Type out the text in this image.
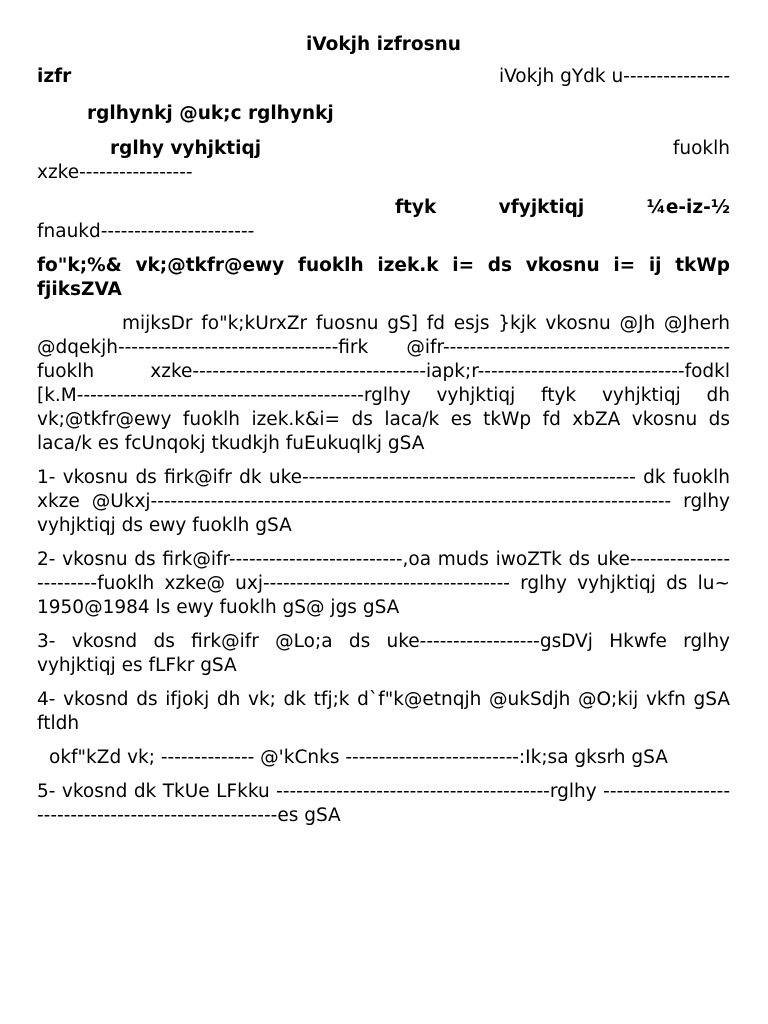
iVokjh izfrosnu
izfr	iVokjh gYdk u----------------
rglhynkj @uk;c rglhynkj
rglhy vyhjktiqj	fuoklh
xzke-----------------
ftyk	vfyjktiqj	¼e-iz-½
fnaukd-----------------------

fo"k;%& vk;@tkfr@ewy fuoklh izek.k i= ds vkosnu i= ij tkWp fjiksZVA

mijksDr fo"k;kUrxZr fuosnu gS] fd esjs }kjk vkosnu @Jh @Jherh @dqekjh---------------------------------firk @ifr-------------------------------------------fuoklh xzke-----------------------------------iapk;r-------------------------------fodkl [k.M-------------------------------------------rglhy vyhjktiqj ftyk vyhjktiqj dh vk;@tkfr@ewy fuoklh izek.k&i= ds laca/k es tkWp fd xbZA vkosnu ds laca/k es fcUnqokj tkudkjh fuEukuqlkj gSA

1- vkosnu ds firk@ifr dk uke-------------------------------------------------- dk fuoklh xkze @Ukxj------------------------------------------------------------------------------ rglhy vyhjktiqj ds ewy fuoklh gSA

2- vkosnu ds firk@ifr--------------------------,oa muds iwoZTk ds uke------------------------fuoklh xzke@ uxj------------------------------------- rglhy vyhjktiqj ds lu~ 1950@1984 ls ewy fuoklh gS@ jgs gSA

3- vkosnd ds firk@ifr @Lo;a ds uke------------------gsDVj Hkwfe rglhy vyhjktiqj es fLFkr gSA

4- vkosnd ds ifjokj dh vk; dk tfj;k d`f"k@etnqjh @ukSdjh @O;kij vkfn gSA ftldh

okf"kZd vk; -------------- @'kCnks --------------------------:Ik;sa gksrh gSA

5- vkosnd dk TkUe LFkku -----------------------------------------rglhy -------------------------------------------------------es gSA
